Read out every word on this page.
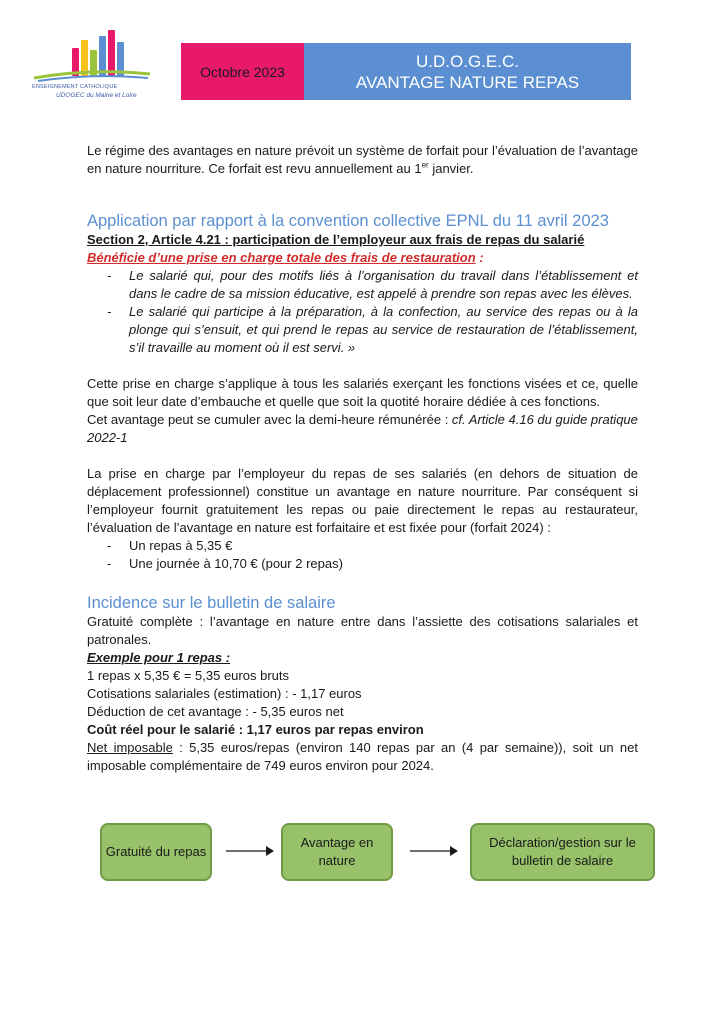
ENSEIGNEMENT CATHOLIQUE
UDOGEC du Maine et Loire
Octobre 2023
U.D.O.G.E.C.
AVANTAGE NATURE REPAS

Le régime des avantages en nature prévoit un système de forfait pour l’évaluation de l’avantage en nature nourriture. Ce forfait est revu annuellement au 1er janvier.

Application par rapport à la convention collective EPNL du 11 avril 2023

Section 2, Article 4.21 : participation de l’employeur aux frais de repas du salarié

Bénéficie d’une prise en charge totale des frais de restauration :

- Le salarié qui, pour des motifs liés à l’organisation du travail dans l’établissement et dans le cadre de sa mission éducative, est appelé à prendre son repas avec les élèves.
- Le salarié qui participe à la préparation, à la confection, au service des repas ou à la plonge qui s’ensuit, et qui prend le repas au service de restauration de l’établissement, s’il travaille au moment où il est servi. »

Cette prise en charge s’applique à tous les salariés exerçant les fonctions visées et ce, quelle que soit leur date d’embauche et quelle que soit la quotité horaire dédiée à ces fonctions.

Cet avantage peut se cumuler avec la demi-heure rémunérée : cf. Article 4.16 du guide pratique 2022-1

La prise en charge par l’employeur du repas de ses salariés (en dehors de situation de déplacement professionnel) constitue un avantage en nature nourriture. Par conséquent si l’employeur fournit gratuitement les repas ou paie directement le repas au restaurateur, l’évaluation de l’avantage en nature est forfaitaire et est fixée pour (forfait 2024) :

- Un repas à 5,35 €
- Une journée à 10,70 € (pour 2 repas)

Incidence sur le bulletin de salaire

Gratuité complète : l’avantage en nature entre dans l’assiette des cotisations salariales et patronales.

Exemple pour 1 repas :

1 repas x 5,35 € = 5,35 euros bruts

Cotisations salariales (estimation) : - 1,17 euros

Déduction de cet avantage : - 5,35 euros net

Coût réel pour le salarié : 1,17 euros par repas environ

Net imposable : 5,35 euros/repas (environ 140 repas par an (4 par semaine)), soit un net imposable complémentaire de 749 euros environ pour 2024.

Gratuité du repas
Avantage en nature
Déclaration/gestion sur le bulletin de salaire
